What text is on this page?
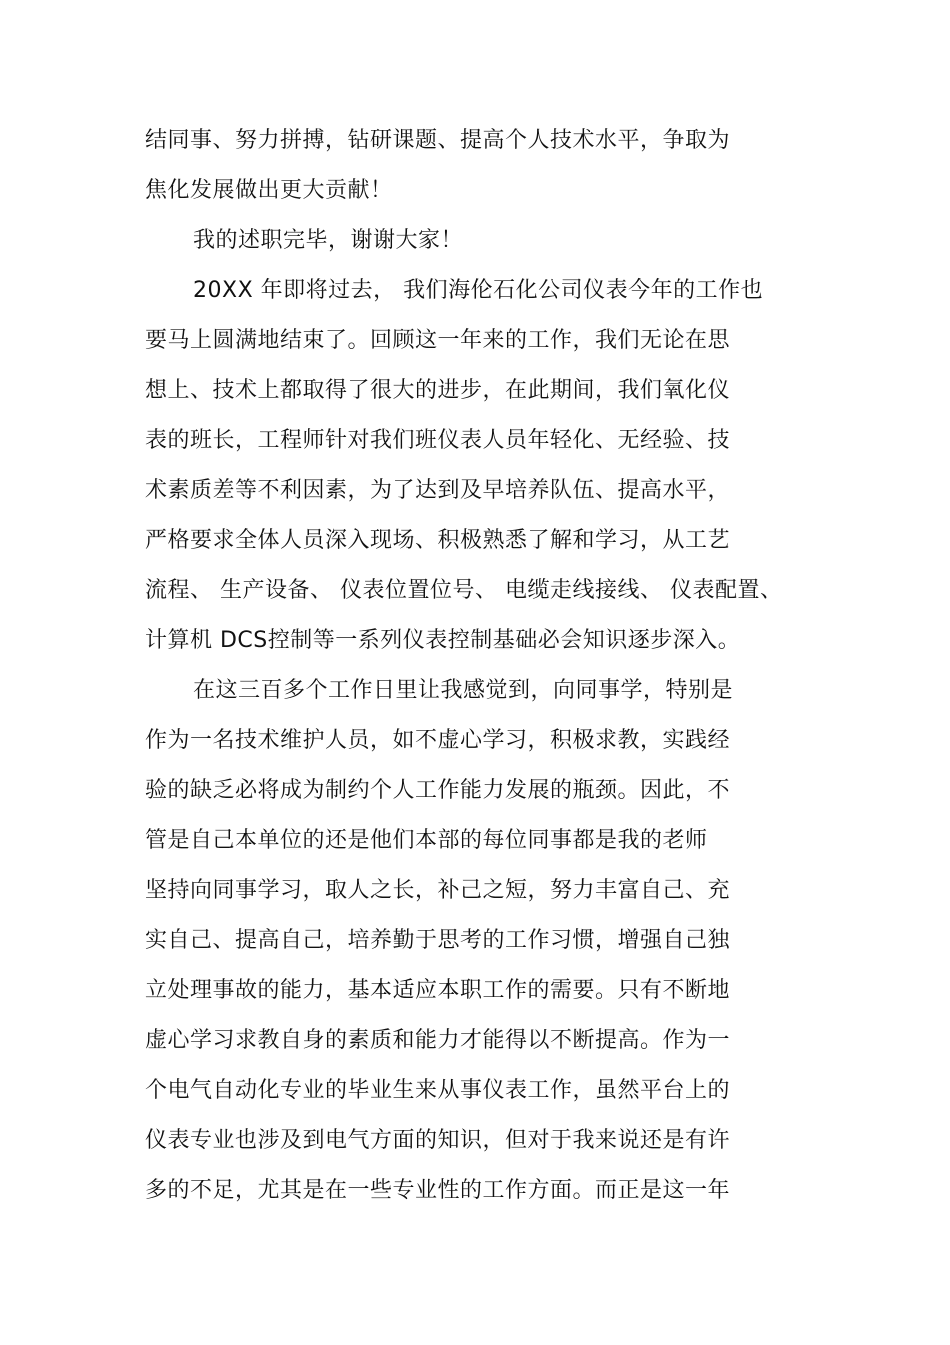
结同事、努力拼搏，钻研课题、提高个人技术水平，争取为
焦化发展做出更大贡献！
我的述职完毕，谢谢大家！
20XX 年即将过去， 我们海伦石化公司仪表今年的工作也
要马上圆满地结束了。回顾这一年来的工作，我们无论在思
想上、技术上都取得了很大的进步，在此期间，我们氧化仪
表的班长，工程师针对我们班仪表人员年轻化、无经验、技
术素质差等不利因素，为了达到及早培养队伍、提高水平，
严格要求全体人员深入现场、积极熟悉了解和学习，从工艺
流程、 生产设备、 仪表位置位号、 电缆走线接线、 仪表配置、
计算机 DCS控制等一系列仪表控制基础必会知识逐步深入。
在这三百多个工作日里让我感觉到，向同事学，特别是
作为一名技术维护人员，如不虚心学习，积极求教，实践经
验的缺乏必将成为制约个人工作能力发展的瓶颈。因此，不
管是自己本单位的还是他们本部的每位同事都是我的老师
坚持向同事学习，取人之长，补己之短，努力丰富自己、充
实自己、提高自己，培养勤于思考的工作习惯，增强自己独
立处理事故的能力，基本适应本职工作的需要。只有不断地
虚心学习求教自身的素质和能力才能得以不断提高。作为一
个电气自动化专业的毕业生来从事仪表工作，虽然平台上的
仪表专业也涉及到电气方面的知识，但对于我来说还是有许
多的不足，尤其是在一些专业性的工作方面。而正是这一年
